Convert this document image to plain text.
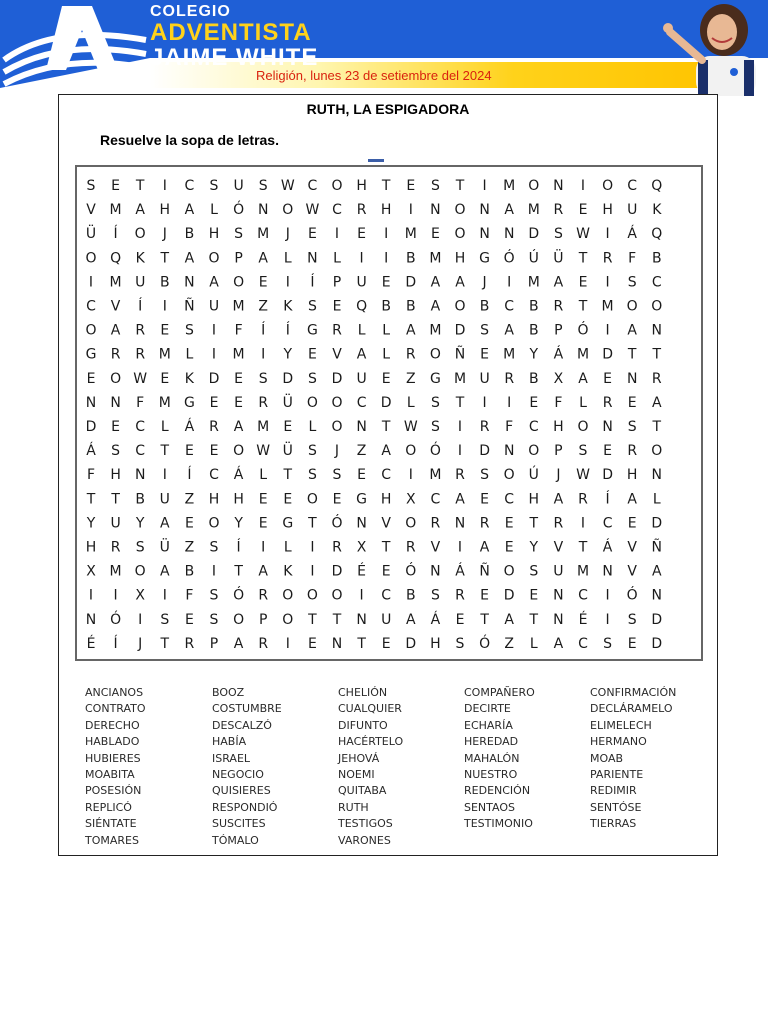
COLEGIO
ADVENTISTA
JAIME WHITE
Religión, lunes 23 de setiembre del 2024
RUTH, LA ESPIGADORA
Resuelve la sopa de letras.
S E T I C S U S W C O H T E S T I M O N I O C Q
V M A H A L Ó N O W C R H I N O N A M R E H U K
Ü Í O J B H S M J E I E I M E O N N D S W I Á Q
O Q K T A O P A L N L I I B M H G Ó Ú Ü T R F B
I M U B N A O E I Í P U E D A A J I M A E I S C
C V Í I Ñ U M Z K S E Q B B A O B C B R T M O O
O A R E S I F Í Í G R L L A M D S A B P Ó I A N
G R R M L I M I Y E V A L R O Ñ E M Y Á M D T T
E O W E K D E S D S D U E Z G M U R B X A E N R
N N F M G E E R Ü O O C D L S T I I E F L R E A
D E C L Á R A M E L O N T W S I R F C H O N S T
Á S C T E E O W Ü S J Z A O Ó I D N O P S E R O
F H N I Í C Á L T S S E C I M R S O Ú J W D H N
T T B U Z H H E E O E G H X C A E C H A R Í A L
Y U Y A E O Y E G T Ó N V O R N R E T R I C E D
H R S Ü Z S Í I L I R X T R V I A E Y V T Á V Ñ
X M O A B I T A K I D É E Ó N Á Ñ O S U M N V A
I I X I F S Ó R O O O I C B S R E D E N C I Ó N
N Ó I S E S O P O T T N U A Á E T A T N É I S D
É Í J T R P A R I E N T E D H S Ó Z L A C S E D
ANCIANOS
CONTRATO
DERECHO
HABLADO
HUBIERES
MOABITA
POSESIÓN
REPLICÓ
SIÉNTATE
TOMARES
BOOZ
COSTUMBRE
DESCALZÓ
HABÍA
ISRAEL
NEGOCIO
QUISIERES
RESPONDIÓ
SUSCITES
TÓMALO
CHELIÓN
CUALQUIER
DIFUNTO
HACÉRTELO
JEHOVÁ
NOEMI
QUITABA
RUTH
TESTIGOS
VARONES
COMPAÑERO
DECIRTE
ECHARÍA
HEREDAD
MAHALÓN
NUESTRO
REDENCIÓN
SENTAOS
TESTIMONIO
CONFIRMACIÓN
DECLÁRAMELO
ELIMELECH
HERMANO
MOAB
PARIENTE
REDIMIR
SENTÓSE
TIERRAS
